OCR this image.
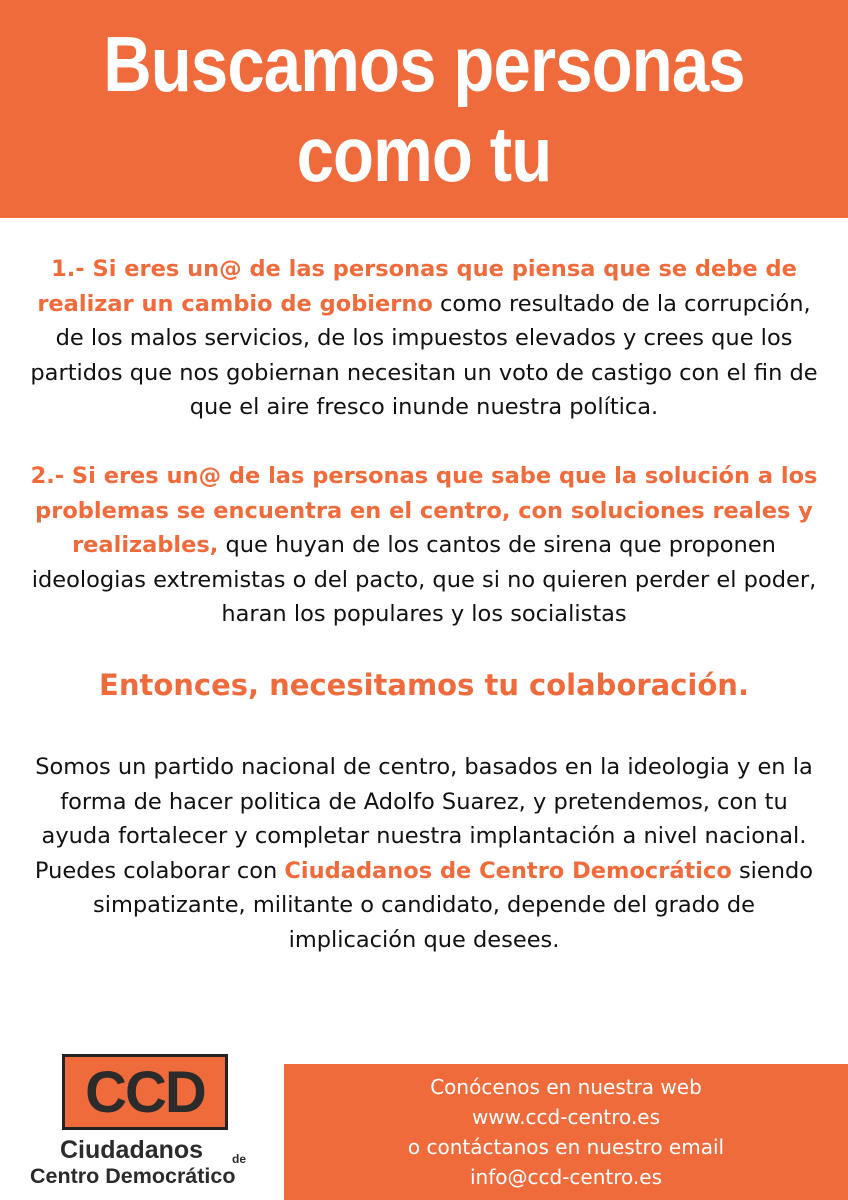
Buscamos personas
como tu

1.- Si eres un@ de las personas que piensa que se debe de realizar un cambio de gobierno como resultado de la corrupción, de los malos servicios, de los impuestos elevados y crees que los partidos que nos gobiernan necesitan un voto de castigo con el fin de que el aire fresco inunde nuestra política.

2.- Si eres un@ de las personas que sabe que la solución a los problemas se encuentra en el centro, con soluciones reales y realizables, que huyan de los cantos de sirena que proponen ideologias extremistas o del pacto, que si no quieren perder el poder, haran los populares y los socialistas

Entonces, necesitamos tu colaboración.

Somos un partido nacional de centro, basados en la ideologia y en la forma de hacer politica de Adolfo Suarez, y pretendemos, con tu ayuda fortalecer y completar nuestra implantación a nivel nacional.
Puedes colaborar con Ciudadanos de Centro Democrático siendo simpatizante, militante o candidato, depende del grado de implicación que desees.

CCD
Ciudadanos de
Centro Democrático
Conócenos en nuestra web
www.ccd-centro.es
o contáctanos en nuestro email
info@ccd-centro.es
